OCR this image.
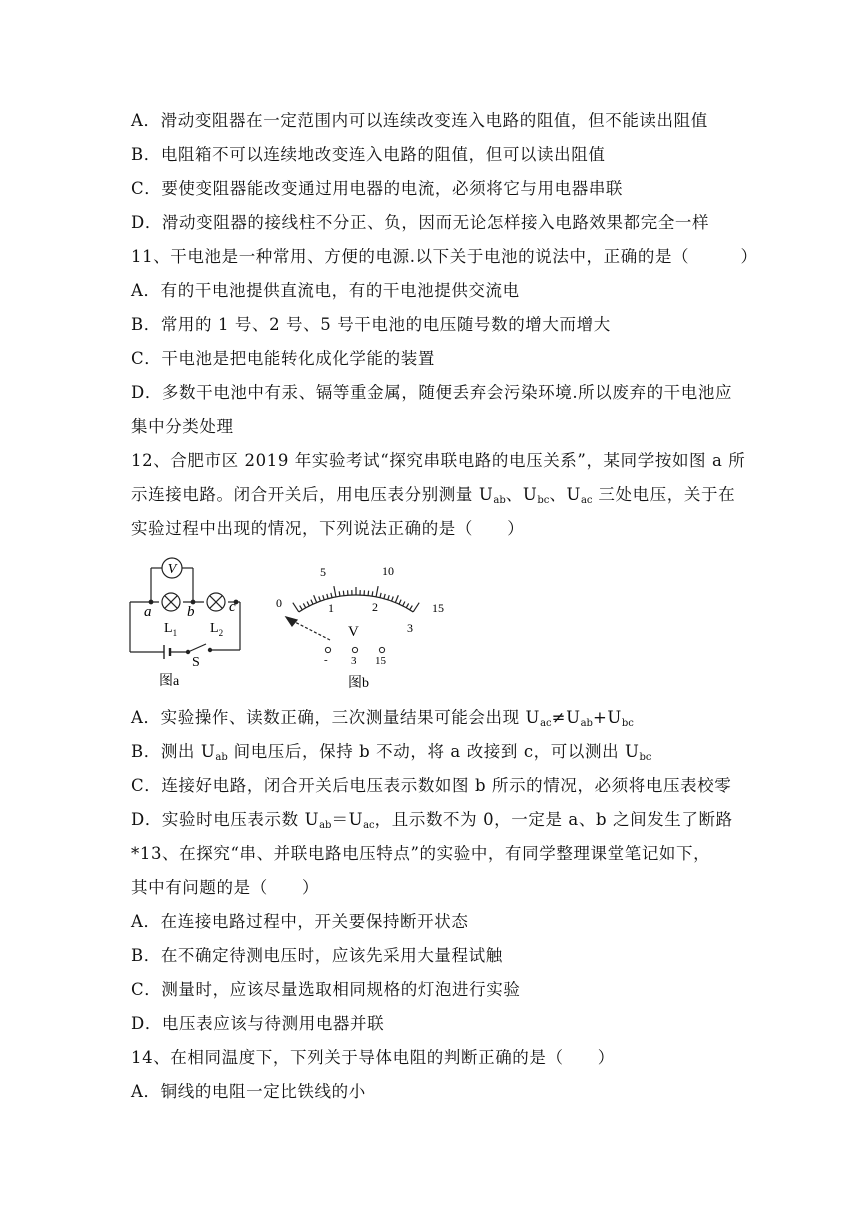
A．滑动变阻器在一定范围内可以连续改变连入电路的阻值，但不能读出阻值
B．电阻箱不可以连续地改变连入电路的阻值，但可以读出阻值
C．要使变阻器能改变通过用电器的电流，必须将它与用电器串联
D．滑动变阻器的接线柱不分正、负，因而无论怎样接入电路效果都完全一样
11、干电池是一种常用、方便的电源.以下关于电池的说法中，正确的是（　　　）
A．有的干电池提供直流电，有的干电池提供交流电
B．常用的 1 号、2 号、5 号干电池的电压随号数的增大而增大
C．干电池是把电能转化成化学能的装置
D．多数干电池中有汞、镉等重金属，随便丢弃会污染环境.所以废弃的干电池应
集中分类处理
12、合肥市区 2019 年实验考试“探究串联电路的电压关系”，某同学按如图 a 所
示连接电路。闭合开关后，用电压表分别测量 $U_{ab}$、$U_{bc}$、$U_{ac}$ 三处电压，关于在
实验过程中出现的情况，下列说法正确的是（　　）
V
a b c
$L_1$ $L_2$
S
图a
0
5	10
15
1	2
3
V
- 3 15
图b
A．实验操作、读数正确，三次测量结果可能会出现 $U_{ac}\ne U_{ab}+U_{bc}$
B．测出 $U_{ab}$ 间电压后，保持 b 不动，将 a 改接到 c，可以测出 $U_{bc}$
C．连接好电路，闭合开关后电压表示数如图 b 所示的情况，必须将电压表校零
D．实验时电压表示数 $U_{ab}=U_{ac}$，且示数不为 0，一定是 a、b 之间发生了断路
*13、在探究“串、并联电路电压特点”的实验中，有同学整理课堂笔记如下，
其中有问题的是（　　）
A．在连接电路过程中，开关要保持断开状态
B．在不确定待测电压时，应该先采用大量程试触
C．测量时，应该尽量选取相同规格的灯泡进行实验
D．电压表应该与待测用电器并联
14、在相同温度下，下列关于导体电阻的判断正确的是（　　）
A．铜线的电阻一定比铁线的小
